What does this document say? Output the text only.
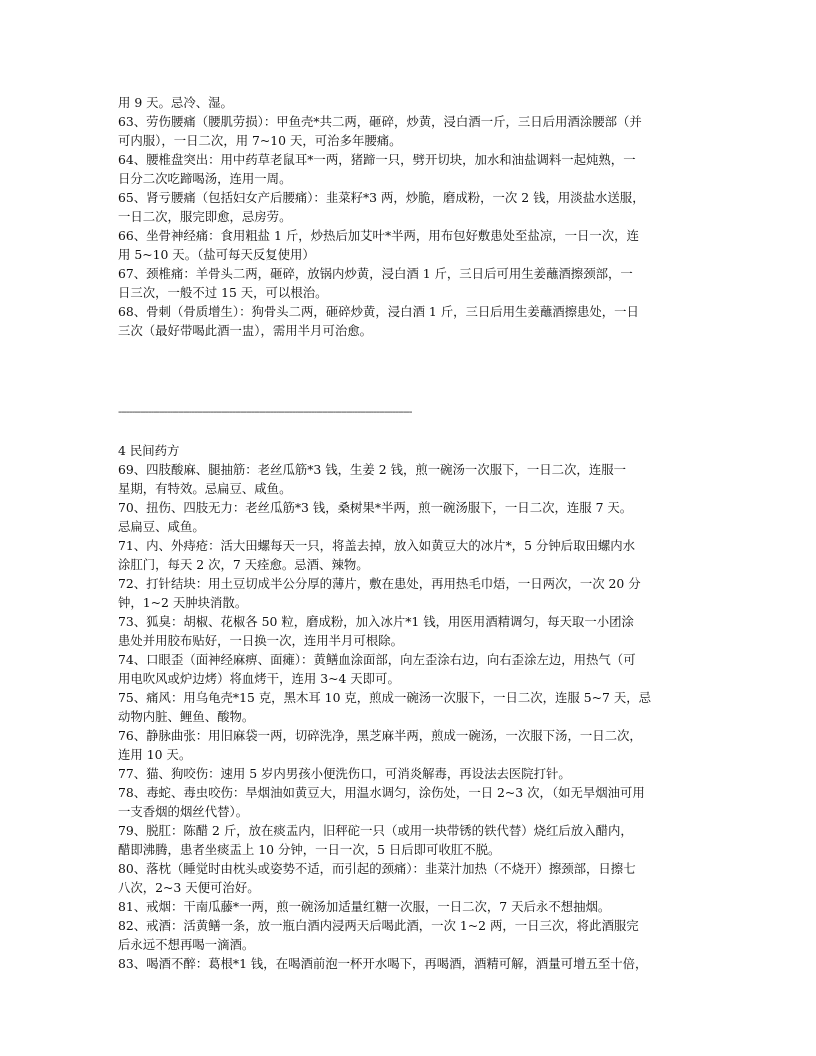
用 9 天。忌冷、湿。
63、劳伤腰痛（腰肌劳损）：甲鱼壳*共二两，砸碎，炒黄，浸白酒一斤，三日后用酒涂腰部（并
可内服），一日二次，用 7~10 天，可治多年腰痛。
64、腰椎盘突出：用中药草老鼠耳*一两，猪蹄一只，劈开切块，加水和油盐调料一起炖熟，一
日分二次吃蹄喝汤，连用一周。
65、肾亏腰痛（包括妇女产后腰痛）：韭菜籽*3 两，炒脆，磨成粉，一次 2 钱，用淡盐水送服，
一日二次，服完即愈，忌房劳。
66、坐骨神经痛：食用粗盐 1 斤，炒热后加艾叶*半两，用布包好敷患处至盐凉，一日一次，连
用 5~10 天。（盐可每天反复使用）
67、颈椎痛：羊骨头二两，砸碎，放锅内炒黄，浸白酒 1 斤，三日后可用生姜蘸酒擦颈部，一
日三次，一般不过 15 天，可以根治。
68、骨刺（骨质增生）：狗骨头二两，砸碎炒黄，浸白酒 1 斤，三日后用生姜蘸酒擦患处，一日
三次（最好带喝此酒一盅），需用半月可治愈。
------------------------------------------------------------------------------------------------------------
4 民间药方
69、四肢酸麻、腿抽筋：老丝瓜筋*3 钱，生姜 2 钱，煎一碗汤一次服下，一日二次，连服一
星期，有特效。忌扁豆、咸鱼。
70、扭伤、四肢无力：老丝瓜筋*3 钱，桑树果*半两，煎一碗汤服下，一日二次，连服 7 天。
忌扁豆、咸鱼。
71、内、外痔疮：活大田螺每天一只，将盖去掉，放入如黄豆大的冰片*，5 分钟后取田螺内水
涂肛门，每天 2 次，7 天痊愈。忌酒、辣物。
72、打针结块：用土豆切成半公分厚的薄片，敷在患处，再用热毛巾焐，一日两次，一次 20 分
钟，1~2 天肿块消散。
73、狐臭：胡椒、花椒各 50 粒，磨成粉，加入冰片*1 钱，用医用酒精调匀，每天取一小团涂
患处并用胶布贴好，一日换一次，连用半月可根除。
74、口眼歪（面神经麻痹、面瘫）：黄鳝血涂面部，向左歪涂右边，向右歪涂左边，用热气（可
用电吹风或炉边烤）将血烤干，连用 3~4 天即可。
75、痛风：用乌龟壳*15 克，黑木耳 10 克，煎成一碗汤一次服下，一日二次，连服 5~7 天，忌
动物内脏、鲤鱼、酸物。
76、静脉曲张：用旧麻袋一两，切碎洗净，黑芝麻半两，煎成一碗汤，一次服下汤，一日二次，
连用 10 天。
77、猫、狗咬伤：速用 5 岁内男孩小便洗伤口，可消炎解毒，再设法去医院打针。
78、毒蛇、毒虫咬伤：旱烟油如黄豆大，用温水调匀，涂伤处，一日 2~3 次，（如无旱烟油可用
一支香烟的烟丝代替）。
79、脱肛：陈醋 2 斤，放在痰盂内，旧秤砣一只（或用一块带锈的铁代替）烧红后放入醋内，
醋即沸腾，患者坐痰盂上 10 分钟，一日一次，5 日后即可收肛不脱。
80、落枕（睡觉时由枕头或姿势不适，而引起的颈痛）：韭菜汁加热（不烧开）擦颈部，日擦七
八次，2~3 天便可治好。
81、戒烟：干南瓜藤*一两，煎一碗汤加适量红糖一次服，一日二次，7 天后永不想抽烟。
82、戒酒：活黄鳝一条，放一瓶白酒内浸两天后喝此酒，一次 1~2 两，一日三次，将此酒服完
后永远不想再喝一滴酒。
83、喝酒不醉：葛根*1 钱，在喝酒前泡一杯开水喝下，再喝酒，酒精可解，酒量可增五至十倍，
